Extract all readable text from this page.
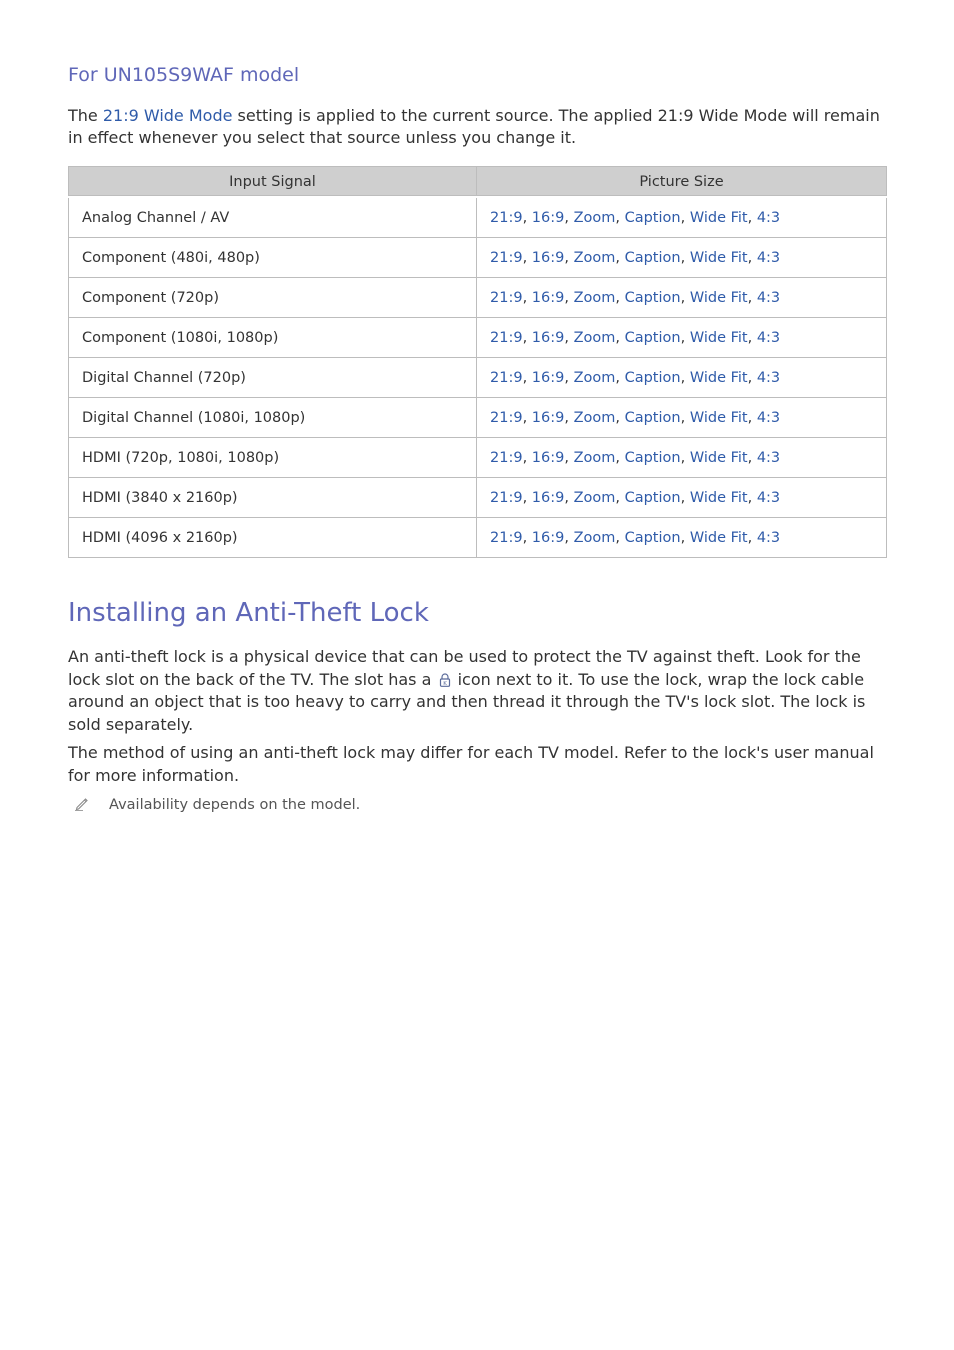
For UN105S9WAF model

The 21:9 Wide Mode setting is applied to the current source. The applied 21:9 Wide Mode will remain in effect whenever you select that source unless you change it.

Input Signal	Picture Size
Analog Channel / AV	21:9, 16:9, Zoom, Caption, Wide Fit, 4:3
Component (480i, 480p)	21:9, 16:9, Zoom, Caption, Wide Fit, 4:3
Component (720p)	21:9, 16:9, Zoom, Caption, Wide Fit, 4:3
Component (1080i, 1080p)	21:9, 16:9, Zoom, Caption, Wide Fit, 4:3
Digital Channel (720p)	21:9, 16:9, Zoom, Caption, Wide Fit, 4:3
Digital Channel (1080i, 1080p)	21:9, 16:9, Zoom, Caption, Wide Fit, 4:3
HDMI (720p, 1080i, 1080p)	21:9, 16:9, Zoom, Caption, Wide Fit, 4:3
HDMI (3840 x 2160p)	21:9, 16:9, Zoom, Caption, Wide Fit, 4:3
HDMI (4096 x 2160p)	21:9, 16:9, Zoom, Caption, Wide Fit, 4:3
Installing an Anti-Theft Lock

An anti-theft lock is a physical device that can be used to protect the TV against theft. Look for the lock slot on the back of the TV. The slot has a K icon next to it. To use the lock, wrap the lock cable around an object that is too heavy to carry and then thread it through the TV's lock slot. The lock is sold separately.

The method of using an anti-theft lock may differ for each TV model. Refer to the lock's user manual for more information.

Availability depends on the model.
